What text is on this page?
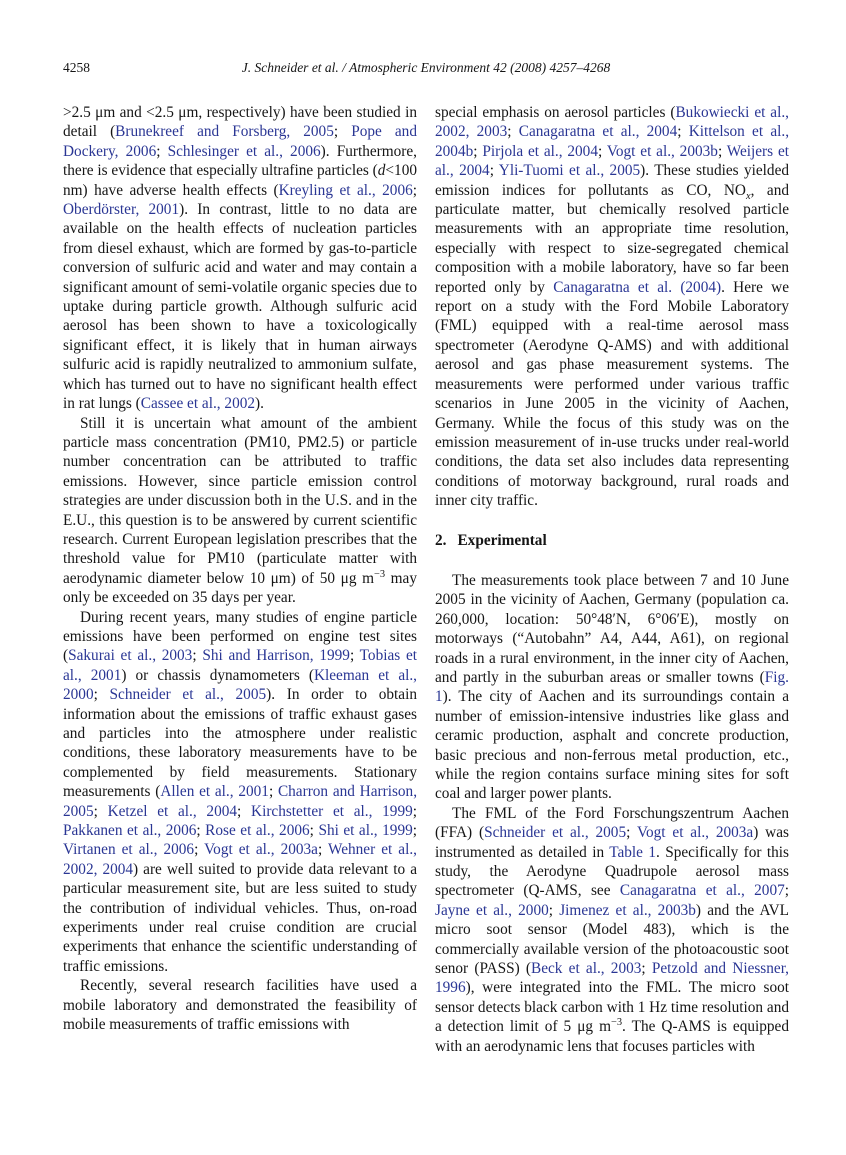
4258	J. Schneider et al. / Atmospheric Environment 42 (2008) 4257–4268

>2.5 μm and <2.5 μm, respectively) have been studied in detail (Brunekreef and Forsberg, 2005; Pope and Dockery, 2006; Schlesinger et al., 2006). Furthermore, there is evidence that especially ultrafine particles (d<100 nm) have adverse health effects (Kreyling et al., 2006; Oberdörster, 2001). In contrast, little to no data are available on the health effects of nucleation particles from diesel exhaust, which are formed by gas-to-particle conversion of sulfuric acid and water and may contain a significant amount of semi-volatile organic species due to uptake during particle growth. Although sulfuric acid aerosol has been shown to have a toxicologically significant effect, it is likely that in human airways sulfuric acid is rapidly neutralized to ammonium sulfate, which has turned out to have no significant health effect in rat lungs (Cassee et al., 2002).

Still it is uncertain what amount of the ambient particle mass concentration (PM10, PM2.5) or particle number concentration can be attributed to traffic emissions. However, since particle emission control strategies are under discussion both in the U.S. and in the E.U., this question is to be answered by current scientific research. Current European legislation prescribes that the threshold value for PM10 (particulate matter with aerodynamic diameter below 10 μm) of 50 μg $m^{-3}$ may only be exceeded on 35 days per year.

During recent years, many studies of engine particle emissions have been performed on engine test sites (Sakurai et al., 2003; Shi and Harrison, 1999; Tobias et al., 2001) or chassis dynamometers (Kleeman et al., 2000; Schneider et al., 2005). In order to obtain information about the emissions of traffic exhaust gases and particles into the atmosphere under realistic conditions, these laboratory measurements have to be complemented by field measurements. Stationary measurements (Allen et al., 2001; Charron and Harrison, 2005; Ketzel et al., 2004; Kirchstetter et al., 1999; Pakkanen et al., 2006; Rose et al., 2006; Shi et al., 1999; Virtanen et al., 2006; Vogt et al., 2003a; Wehner et al., 2002, 2004) are well suited to provide data relevant to a particular measurement site, but are less suited to study the contribution of individual vehicles. Thus, on-road experiments under real cruise condition are crucial experiments that enhance the scientific understanding of traffic emissions.

Recently, several research facilities have used a mobile laboratory and demonstrated the feasibility of mobile measurements of traffic emissions with

special emphasis on aerosol particles (Bukowiecki et al., 2002, 2003; Canagaratna et al., 2004; Kittelson et al., 2004b; Pirjola et al., 2004; Vogt et al., 2003b; Weijers et al., 2004; Yli-Tuomi et al., 2005). These studies yielded emission indices for pollutants as CO, $NO_x$, and particulate matter, but chemically resolved particle measurements with an appropriate time resolution, especially with respect to size-segregated chemical composition with a mobile laboratory, have so far been reported only by Canagaratna et al. (2004). Here we report on a study with the Ford Mobile Laboratory (FML) equipped with a real-time aerosol mass spectrometer (Aerodyne Q-AMS) and with additional aerosol and gas phase measurement systems. The measurements were performed under various traffic scenarios in June 2005 in the vicinity of Aachen, Germany. While the focus of this study was on the emission measurement of in-use trucks under real-world conditions, the data set also includes data representing conditions of motorway background, rural roads and inner city traffic.

2. Experimental

The measurements took place between 7 and 10 June 2005 in the vicinity of Aachen, Germany (population ca. 260,000, location: 50°48′N, 6°06′E), mostly on motorways (“Autobahn” A4, A44, A61), on regional roads in a rural environment, in the inner city of Aachen, and partly in the suburban areas or smaller towns (Fig. 1). The city of Aachen and its surroundings contain a number of emission-intensive industries like glass and ceramic production, asphalt and concrete production, basic precious and non-ferrous metal production, etc., while the region contains surface mining sites for soft coal and larger power plants.

The FML of the Ford Forschungszentrum Aachen (FFA) (Schneider et al., 2005; Vogt et al., 2003a) was instrumented as detailed in Table 1. Specifically for this study, the Aerodyne Quadrupole aerosol mass spectrometer (Q-AMS, see Canagaratna et al., 2007; Jayne et al., 2000; Jimenez et al., 2003b) and the AVL micro soot sensor (Model 483), which is the commercially available version of the photoacoustic soot senor (PASS) (Beck et al., 2003; Petzold and Niessner, 1996), were integrated into the FML. The micro soot sensor detects black carbon with 1 Hz time resolution and a detection limit of 5 μg $m^{-3}$. The Q-AMS is equipped with an aerodynamic lens that focuses particles with
